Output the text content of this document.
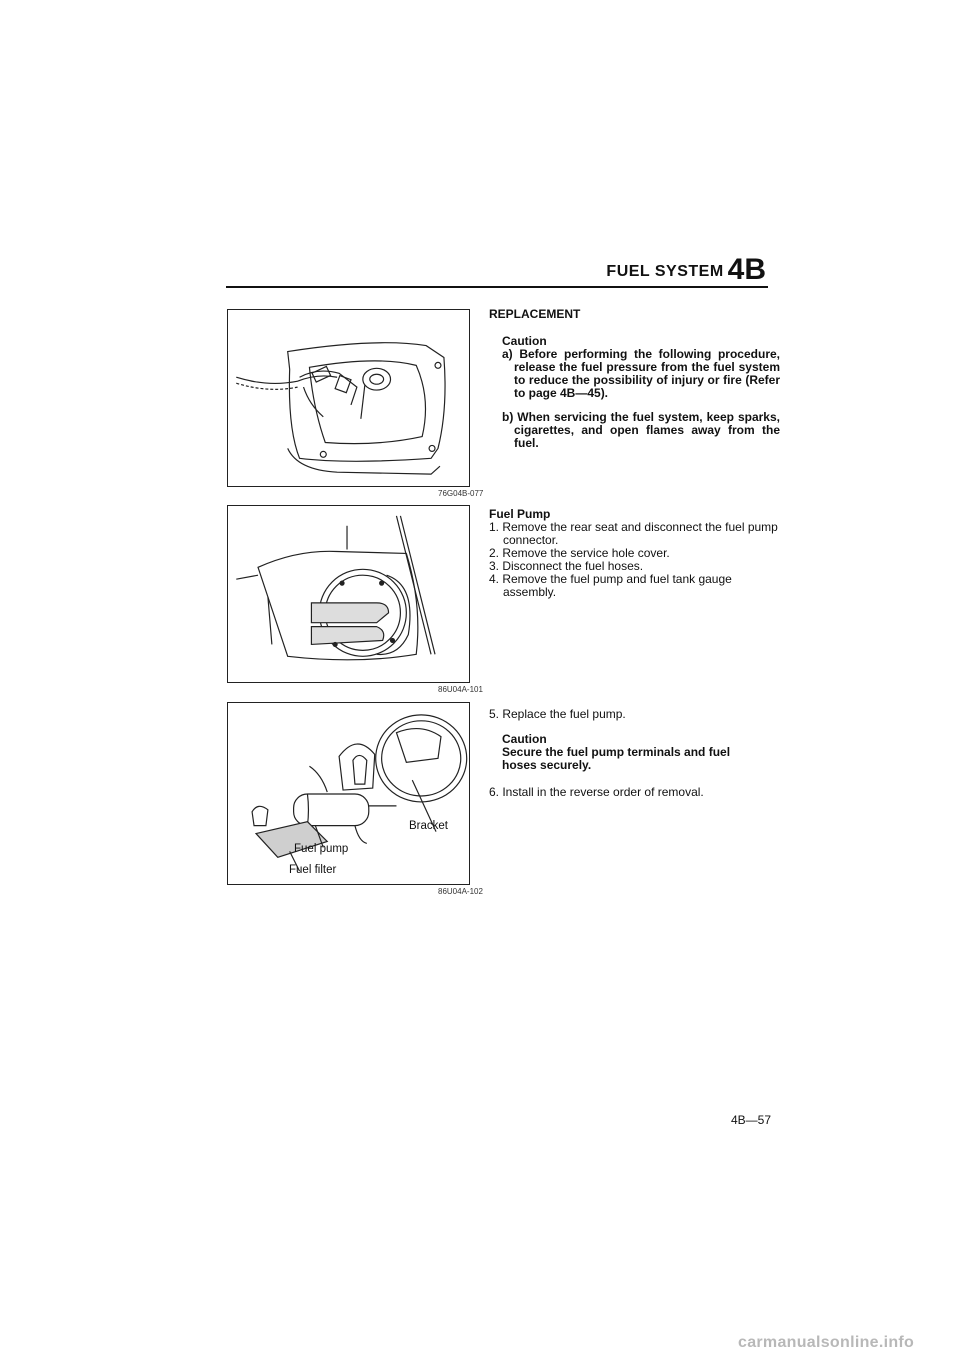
FUEL SYSTEM 4B
76G04B-077
86U04A-101
Bracket
Fuel pump
Fuel filter
86U04A-102
REPLACEMENT
Caution
a) Before performing the following procedure, release the fuel pressure from the fuel system to reduce the possibility of injury or fire (Refer to page 4B—45).
b) When servicing the fuel system, keep sparks, cigarettes, and open flames away from the fuel.
Fuel Pump
1. Remove the rear seat and disconnect the fuel pump connector.
2. Remove the service hole cover.
3. Disconnect the fuel hoses.
4. Remove the fuel pump and fuel tank gauge assembly.
5. Replace the fuel pump.
Caution
Secure the fuel pump terminals and fuel hoses securely.
6. Install in the reverse order of removal.
4B—57
carmanualsonline.info
